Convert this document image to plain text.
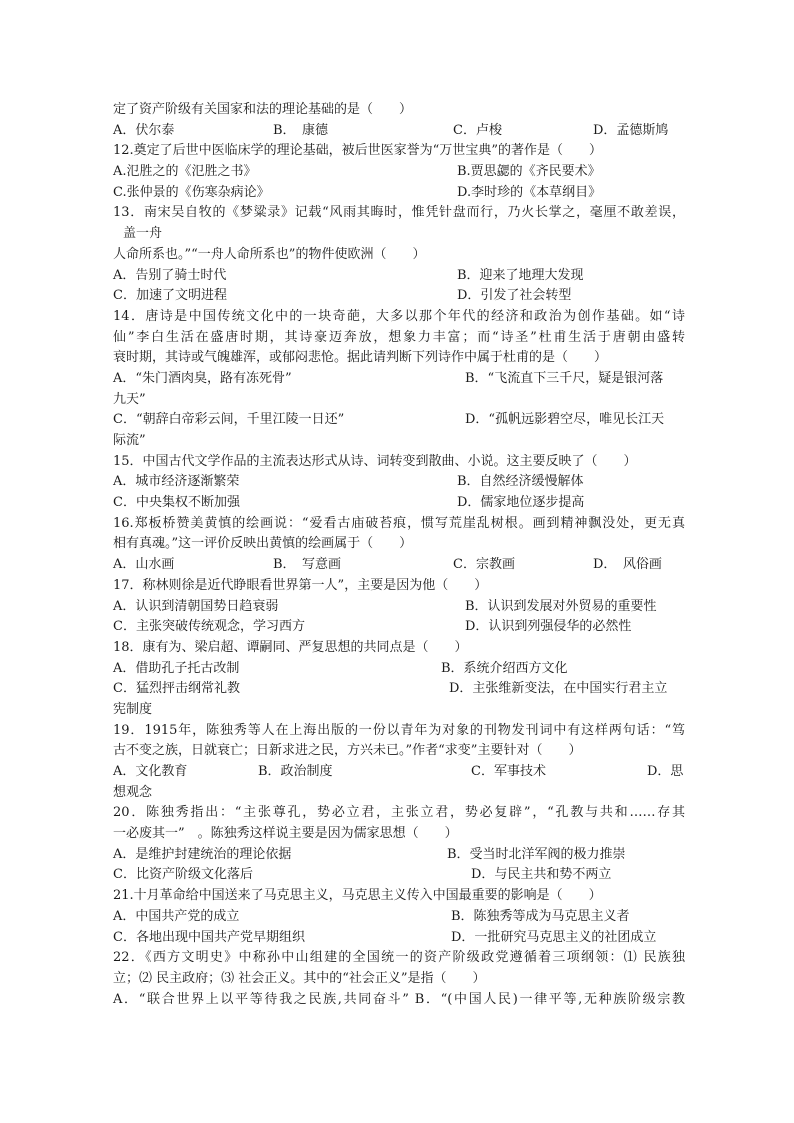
定了资产阶级有关国家和法的理论基础的是（　　）
A．伏尔泰	B．　康德	C．卢梭	D．孟德斯鸠
12.奠定了后世中医临床学的理论基础，被后世医家誉为“万世宝典”的著作是（　　）
A.氾胜之的《氾胜之书》	B.贾思勰的《齐民要术》
C.张仲景的《伤寒杂病论》	D.李时珍的《本草纲目》
13．南宋吴自牧的《梦粱录》记载“风雨其晦时，惟凭针盘而行，乃火长掌之，毫厘不敢差误，
盖一舟
人命所系也。”“一舟人命所系也”的物件使欧洲（　　）
A．告别了骑士时代	B．迎来了地理大发现
C．加速了文明进程	D．引发了社会转型
14．唐诗是中国传统文化中的一块奇葩，大多以那个年代的经济和政治为创作基础。如“诗
仙”李白生活在盛唐时期，其诗豪迈奔放，想象力丰富；而“诗圣”杜甫生活于唐朝由盛转
衰时期，其诗或气魄雄浑，或郁闷悲怆。据此请判断下列诗作中属于杜甫的是（　　）
A．“朱门酒肉臭，路有冻死骨”	B．“飞流直下三千尺，疑是银河落
九天”
C．“朝辞白帝彩云间，千里江陵一日还”	D．“孤帆远影碧空尽，唯见长江天
际流”
15．中国古代文学作品的主流表达形式从诗、词转变到散曲、小说。这主要反映了（　　）
A．城市经济逐渐繁荣	B．自然经济缓慢解体
C．中央集权不断加强	D．儒家地位逐步提高
16.郑板桥赞美黄慎的绘画说：“爱看古庙破苔痕，惯写荒崖乱树根。画到精神飘没处，更无真
相有真魂。”这一评价反映出黄慎的绘画属于（　　）
A．山水画	B．　写意画	C．宗教画	D．　风俗画
17．称林则徐是近代睁眼看世界第一人”，主要是因为他（　　）
A．认识到清朝国势日趋衰弱	B．认识到发展对外贸易的重要性
C．主张突破传统观念，学习西方	D．认识到列强侵华的必然性
18．康有为、梁启超、谭嗣同、严复思想的共同点是（　　）
A．借助孔子托古改制	B．系统介绍西方文化
C．猛烈抨击纲常礼教	D．主张维新变法，在中国实行君主立
宪制度
19．1915年，陈独秀等人在上海出版的一份以青年为对象的刊物发刊词中有这样两句话：“笃
古不变之族，日就衰亡；日新求进之民，方兴未已。”作者“求变”主要针对（　　）
A．文化教育	B．政治制度	C．军事技术	D．思
想观念
20．陈独秀指出：“主张尊孔，势必立君，主张立君，势必复辟”，“孔教与共和……存其
一必废其一”　。陈独秀这样说主要是因为儒家思想（　　）
A．是维护封建统治的理论依据	B．受当时北洋军阀的极力推崇
C．比资产阶级文化落后	D．与民主共和势不两立
21.十月革命给中国送来了马克思主义，马克思主义传入中国最重要的影响是（　　）
A．中国共产党的成立	B．陈独秀等成为马克思主义者
C．各地出现中国共产党早期组织	D．一批研究马克思主义的社团成立
22．《西方文明史》中称孙中山组建的全国统一的资产阶级政党遵循着三项纲领：⑴ 民族独
立；⑵ 民主政府；⑶ 社会正义。其中的“社会正义”是指（　　）
A．“联合世界上以平等待我之民族,共同奋斗” B．“(中国人民)一律平等,无种族阶级宗教
